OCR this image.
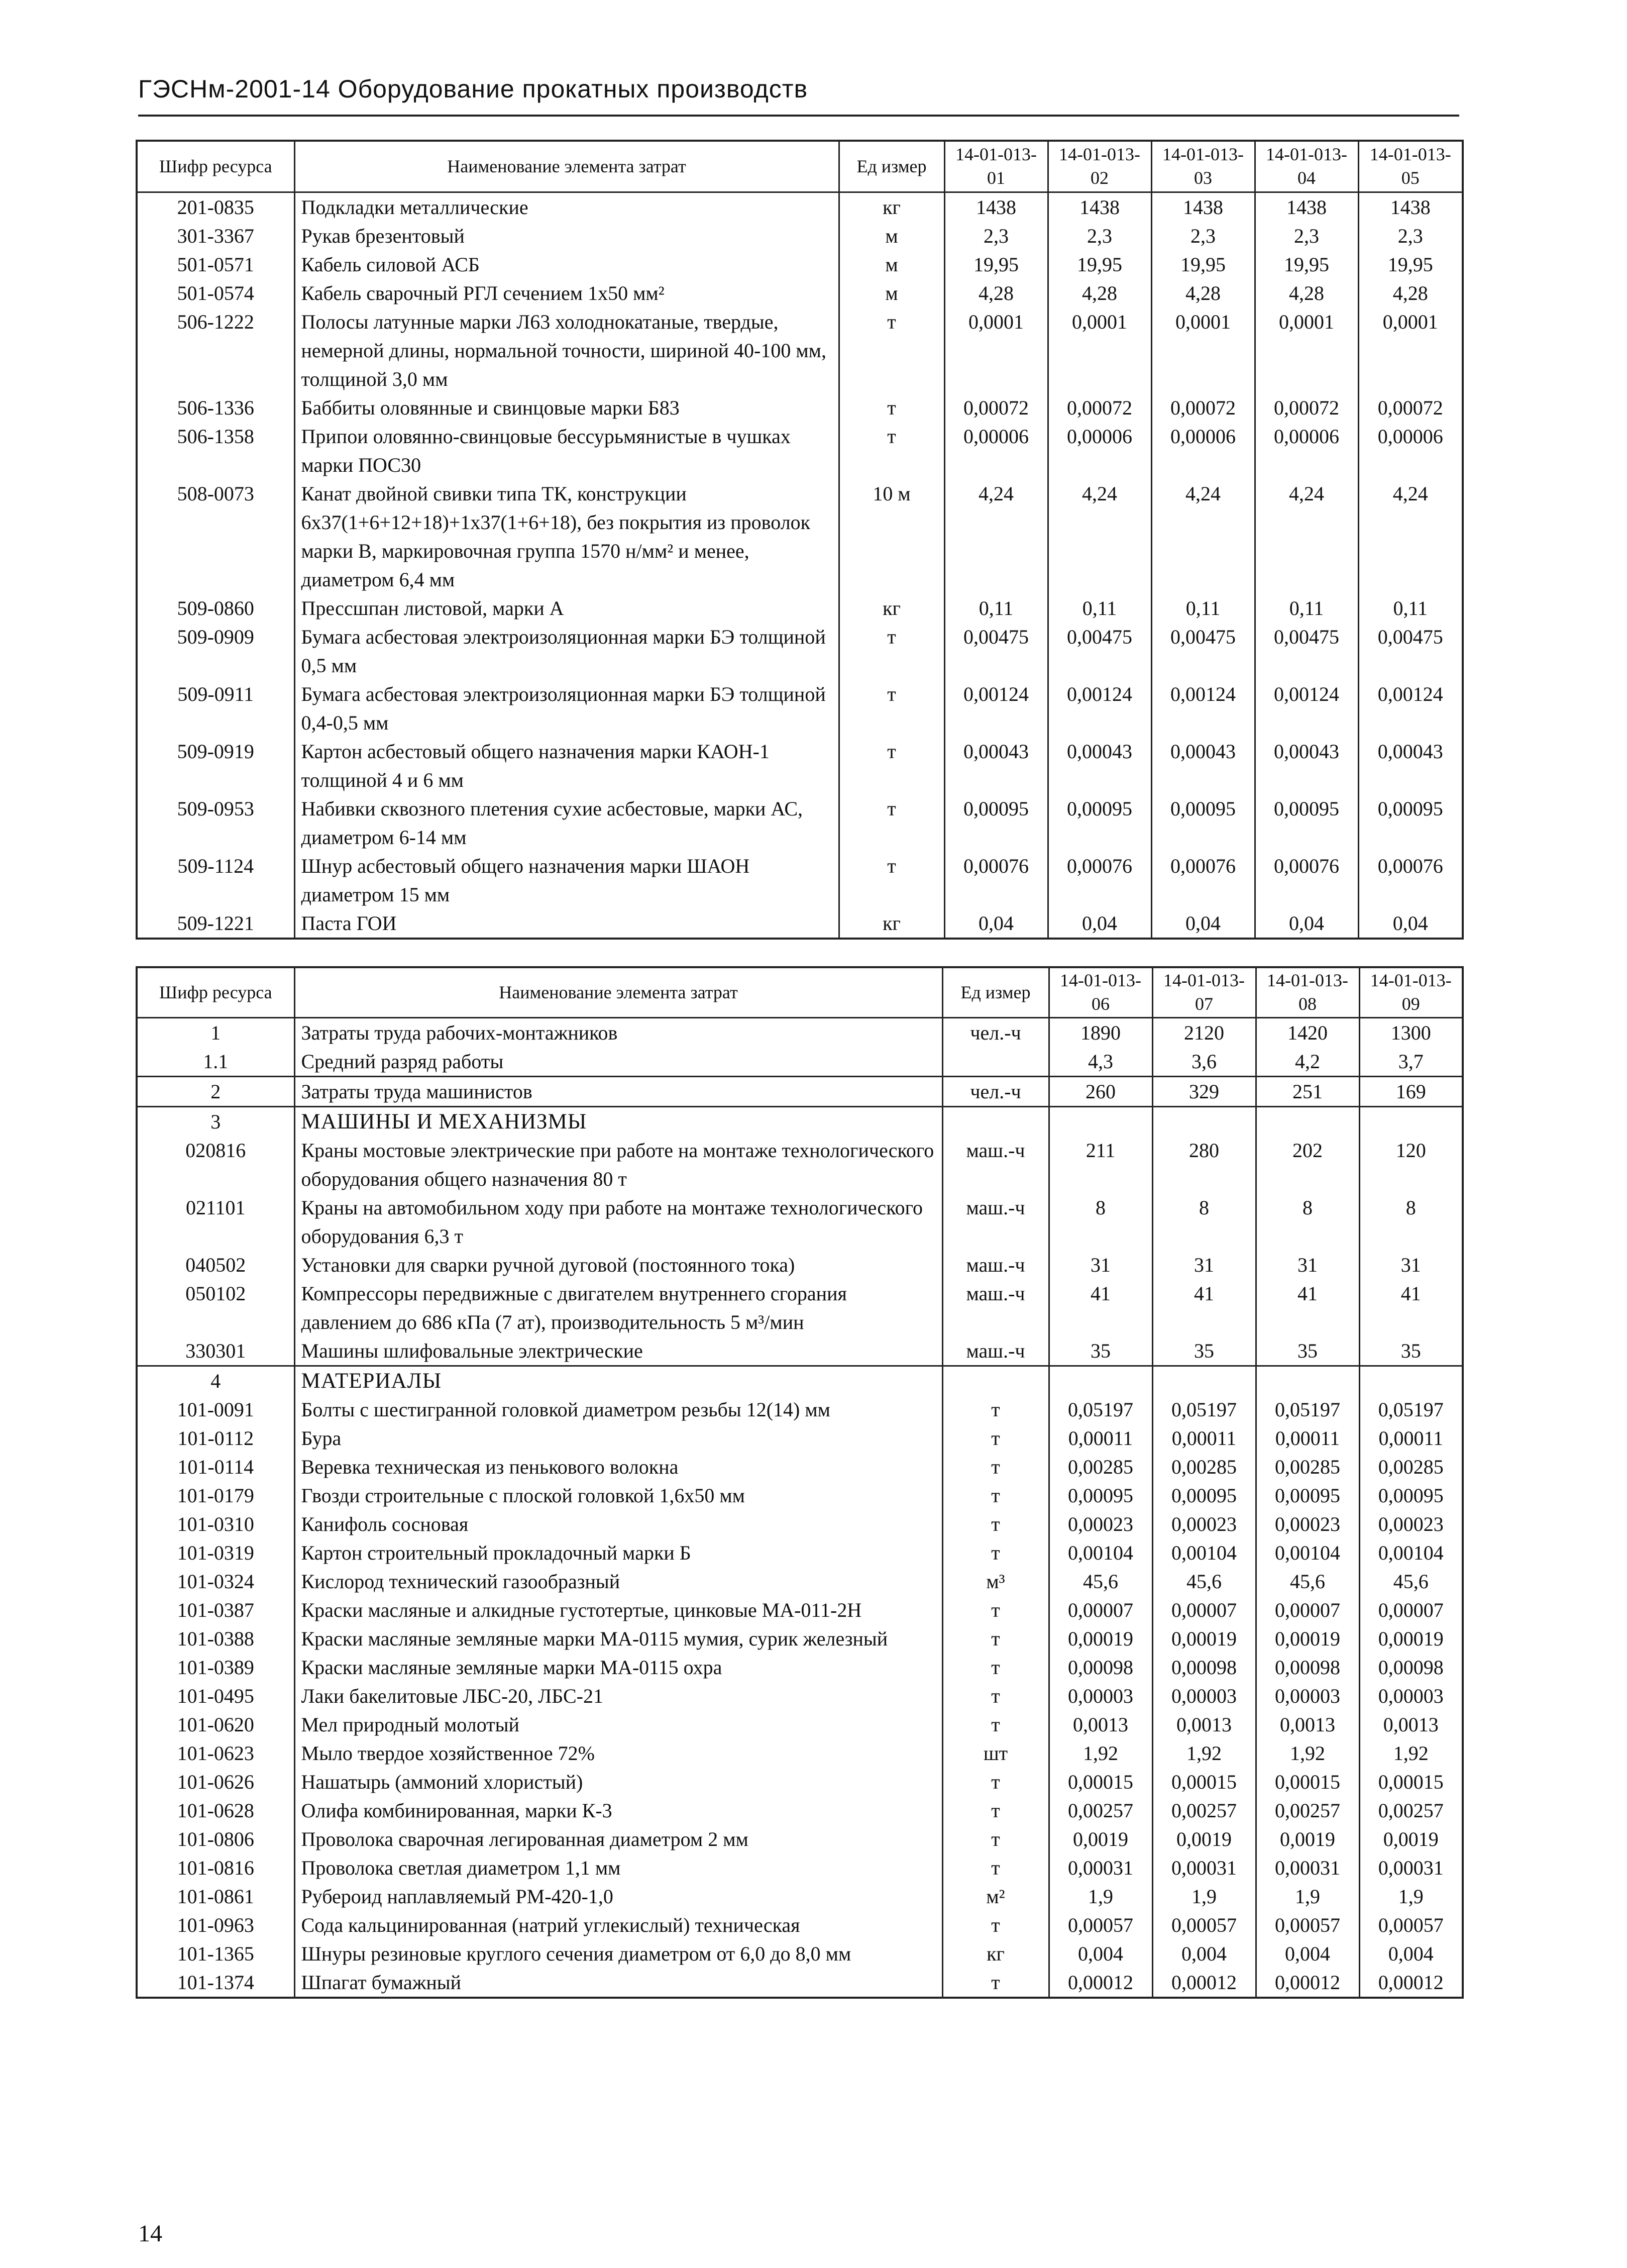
ГЭСНм-2001-14 Оборудование прокатных производств
Шифр ресурса	Наименование элемента затрат	Ед измер	14-01-013-01	14-01-013-02	14-01-013-03	14-01-013-04	14-01-013-05
201-0835	Подкладки металлические	кг	1438	1438	1438	1438	1438
301-3367	Рукав брезентовый	м	2,3	2,3	2,3	2,3	2,3
501-0571	Кабель силовой АСБ	м	19,95	19,95	19,95	19,95	19,95
501-0574	Кабель сварочный РГЛ сечением 1х50 мм²	м	4,28	4,28	4,28	4,28	4,28
506-1222	Полосы латунные марки Л63 холоднокатаные, твердые, немерной длины, нормальной точности, шириной 40-100 мм, толщиной 3,0 мм	т	0,0001	0,0001	0,0001	0,0001	0,0001
506-1336	Баббиты оловянные и свинцовые марки Б83	т	0,00072	0,00072	0,00072	0,00072	0,00072
506-1358	Припои оловянно-свинцовые бессурьмянистые в чушках марки ПОС30	т	0,00006	0,00006	0,00006	0,00006	0,00006
508-0073	Канат двойной свивки типа ТК, конструкции 6х37(1+6+12+18)+1х37(1+6+18), без покрытия из проволок марки В, маркировочная группа 1570 н/мм² и менее, диаметром 6,4 мм	10 м	4,24	4,24	4,24	4,24	4,24
509-0860	Прессшпан листовой, марки А	кг	0,11	0,11	0,11	0,11	0,11
509-0909	Бумага асбестовая электроизоляционная марки БЭ толщиной 0,5 мм	т	0,00475	0,00475	0,00475	0,00475	0,00475
509-0911	Бумага асбестовая электроизоляционная марки БЭ толщиной 0,4-0,5 мм	т	0,00124	0,00124	0,00124	0,00124	0,00124
509-0919	Картон асбестовый общего назначения марки КАОН-1 толщиной 4 и 6 мм	т	0,00043	0,00043	0,00043	0,00043	0,00043
509-0953	Набивки сквозного плетения сухие асбестовые, марки АС, диаметром 6-14 мм	т	0,00095	0,00095	0,00095	0,00095	0,00095
509-1124	Шнур асбестовый общего назначения марки ШАОН диаметром 15 мм	т	0,00076	0,00076	0,00076	0,00076	0,00076
509-1221	Паста ГОИ	кг	0,04	0,04	0,04	0,04	0,04
Шифр ресурса	Наименование элемента затрат	Ед измер	14-01-013-06	14-01-013-07	14-01-013-08	14-01-013-09
1	Затраты труда рабочих-монтажников	чел.-ч	1890	2120	1420	1300
1.1	Средний разряд работы		4,3	3,6	4,2	3,7
2	Затраты труда машинистов	чел.-ч	260	329	251	169
3	МАШИНЫ И МЕХАНИЗМЫ					
020816	Краны мостовые электрические при работе на монтаже технологического оборудования общего назначения 80 т	маш.-ч	211	280	202	120
021101	Краны на автомобильном ходу при работе на монтаже технологического оборудования 6,3 т	маш.-ч	8	8	8	8
040502	Установки для сварки ручной дуговой (постоянного тока)	маш.-ч	31	31	31	31
050102	Компрессоры передвижные с двигателем внутреннего сгорания давлением до 686 кПа (7 ат), производительность 5 м³/мин	маш.-ч	41	41	41	41
330301	Машины шлифовальные электрические	маш.-ч	35	35	35	35
4	МАТЕРИАЛЫ					
101-0091	Болты с шестигранной головкой диаметром резьбы 12(14) мм	т	0,05197	0,05197	0,05197	0,05197
101-0112	Бура	т	0,00011	0,00011	0,00011	0,00011
101-0114	Веревка техническая из пенькового волокна	т	0,00285	0,00285	0,00285	0,00285
101-0179	Гвозди строительные с плоской головкой 1,6х50 мм	т	0,00095	0,00095	0,00095	0,00095
101-0310	Канифоль сосновая	т	0,00023	0,00023	0,00023	0,00023
101-0319	Картон строительный прокладочный марки Б	т	0,00104	0,00104	0,00104	0,00104
101-0324	Кислород технический газообразный	м³	45,6	45,6	45,6	45,6
101-0387	Краски масляные и алкидные густотертые, цинковые МА-011-2Н	т	0,00007	0,00007	0,00007	0,00007
101-0388	Краски масляные земляные марки МА-0115 мумия, сурик железный	т	0,00019	0,00019	0,00019	0,00019
101-0389	Краски масляные земляные марки МА-0115 охра	т	0,00098	0,00098	0,00098	0,00098
101-0495	Лаки бакелитовые ЛБС-20, ЛБС-21	т	0,00003	0,00003	0,00003	0,00003
101-0620	Мел природный молотый	т	0,0013	0,0013	0,0013	0,0013
101-0623	Мыло твердое хозяйственное 72%	шт	1,92	1,92	1,92	1,92
101-0626	Нашатырь (аммоний хлористый)	т	0,00015	0,00015	0,00015	0,00015
101-0628	Олифа комбинированная, марки К-3	т	0,00257	0,00257	0,00257	0,00257
101-0806	Проволока сварочная легированная диаметром 2 мм	т	0,0019	0,0019	0,0019	0,0019
101-0816	Проволока светлая диаметром 1,1 мм	т	0,00031	0,00031	0,00031	0,00031
101-0861	Рубероид наплавляемый РМ-420-1,0	м²	1,9	1,9	1,9	1,9
101-0963	Сода кальцинированная (натрий углекислый) техническая	т	0,00057	0,00057	0,00057	0,00057
101-1365	Шнуры резиновые круглого сечения диаметром от 6,0 до 8,0 мм	кг	0,004	0,004	0,004	0,004
101-1374	Шпагат бумажный	т	0,00012	0,00012	0,00012	0,00012
14
